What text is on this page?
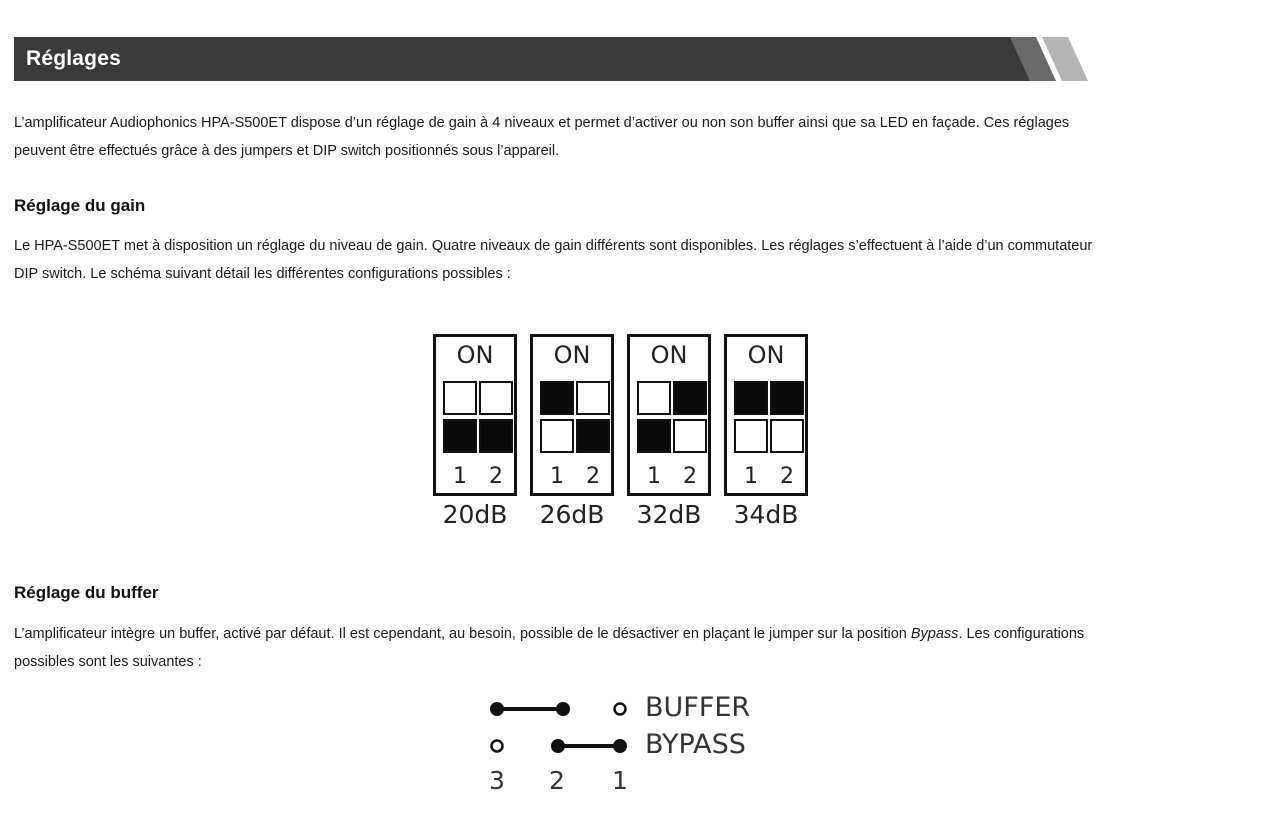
Réglages

L’amplificateur Audiophonics HPA-S500ET dispose d’un réglage de gain à 4 niveaux et permet d’activer ou non son buffer ainsi que sa LED en façade. Ces réglages
peuvent être effectués grâce à des jumpers et DIP switch positionnés sous l’appareil.

Réglage du gain

Le HPA-S500ET met à disposition un réglage du niveau de gain. Quatre niveaux de gain différents sont disponibles. Les réglages s’effectuent à l’aide d’un commutateur
DIP switch. Le schéma suivant détail les différentes configurations possibles :

ON
1	2
20dB
ON
1	2
26dB
ON
1	2
32dB
ON
1	2
34dB
Réglage du buffer

L’amplificateur intègre un buffer, activé par défaut. Il est cependant, au besoin, possible de le désactiver en plaçant le jumper sur la position Bypass. Les configurations
possibles sont les suivantes :

BUFFER
BYPASS
3 2 1
